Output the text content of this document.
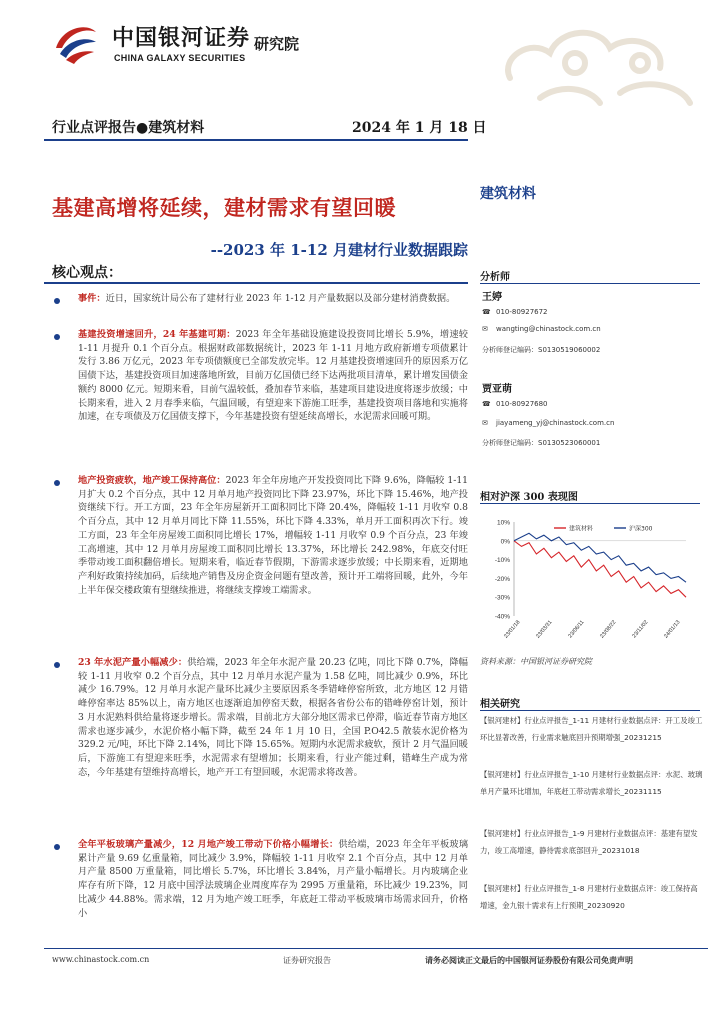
中国银河证券
CHINA GALAXY SECURITIES
研究院
行业点评报告●建筑材料	2024 年 1 月 18 日
基建高增将延续，建材需求有望回暖
--2023 年 1-12 月建材行业数据跟踪
核心观点：
事件：近日，国家统计局公布了建材行业 2023 年 1-12 月产量数据以及部分建材消费数据。
基建投资增速回升，24 年基建可期：2023 年全年基础设施建设投资同比增长 5.9%，增速较 1-11 月提升 0.1 个百分点。根据财政部数据统计，2023 年 1-11 月地方政府新增专项债累计发行 3.86 万亿元，2023 年专项债额度已全部发放完毕。12 月基建投资增速回升的原因系万亿国债下达，基建投资项目加速落地所致，目前万亿国债已经下达两批项目清单，累计增发国债金额约 8000 亿元。短期来看，目前气温较低，叠加春节来临，基建项目建设进度将逐步放缓；中长期来看，进入 2 月春季来临，气温回暖，有望迎来下游施工旺季，基建投资项目落地和实施将加速，在专项债及万亿国债支撑下，今年基建投资有望延续高增长，水泥需求回暖可期。
地产投资疲软，地产竣工保持高位：2023 年全年房地产开发投资同比下降 9.6%，降幅较 1-11 月扩大 0.2 个百分点，其中 12 月单月地产投资同比下降 23.97%，环比下降 15.46%，地产投资继续下行。开工方面，23 年全年房屋新开工面积同比下降 20.4%，降幅较 1-11 月收窄 0.8 个百分点，其中 12 月单月同比下降 11.55%，环比下降 4.33%，单月开工面积再次下行。竣工方面，23 年全年房屋竣工面积同比增长 17%，增幅较 1-11 月收窄 0.9 个百分点，23 年竣工高增速，其中 12 月单月房屋竣工面积同比增长 13.37%，环比增长 242.98%，年底交付旺季带动竣工面积翻倍增长。短期来看，临近春节假期，下游需求逐步放缓；中长期来看，近期地产利好政策持续加码，后续地产销售及房企资金问题有望改善，预计开工端将回暖，此外，今年上半年保交楼政策有望继续推进，将继续支撑竣工端需求。
23 年水泥产量小幅减少：供给端，2023 年全年水泥产量 20.23 亿吨，同比下降 0.7%，降幅较 1-11 月收窄 0.2 个百分点，其中 12 月单月水泥产量为 1.58 亿吨，同比减少 0.9%，环比减少 16.79%。12 月单月水泥产量环比减少主要原因系冬季错峰停窑所致，北方地区 12 月错峰停窑率达 85%以上，南方地区也逐渐追加停窑天数，根据各省份公布的错峰停窑计划，预计 3 月水泥熟料供给量将逐步增长。需求端，目前北方大部分地区需求已停滞，临近春节南方地区需求也逐步减少，水泥价格小幅下降，截至 24 年 1 月 10 日，全国 P.O42.5 散装水泥价格为 329.2 元/吨，环比下降 2.14%，同比下降 15.65%。短期内水泥需求疲软，预计 2 月气温回暖后，下游施工有望迎来旺季，水泥需求有望增加；长期来看，行业产能过剩，错峰生产成为常态，今年基建有望维持高增长，地产开工有望回暖，水泥需求将改善。
全年平板玻璃产量减少，12 月地产竣工带动下价格小幅增长：供给端，2023 年全年平板玻璃累计产量 9.69 亿重量箱，同比减少 3.9%，降幅较 1-11 月收窄 2.1 个百分点，其中 12 月单月产量 8500 万重量箱，同比增长 5.7%，环比增长 3.84%，月产量小幅增长。月内玻璃企业库存有所下降，12 月底中国浮法玻璃企业周度库存为 2995 万重量箱，环比减少 19.23%，同比减少 44.88%。需求端，12 月为地产竣工旺季，年底赶工带动平板玻璃市场需求回升，价格小
建筑材料
分析师
王婷
☎ 010-80927672
✉ wangting@chinastock.com.cn
分析师登记编码：S0130519060002
贾亚萌
☎ 010-80927680
✉ jiayameng_yj@chinastock.com.cn
分析师登记编码：S0130523060001
相对沪深 300 表现图
10%
0%
-10%
-20%
-30%
-40%
23/01/18 23/03/31	23/06/11 23/08/22	23/11/02 24/01/13
建筑材料	沪深300
资料来源：中国银河证券研究院
相关研究
【银河建材】行业点评报告_1-11 月建材行业数据点评：开工及竣工环比显著改善，行业需求触底回升预期增强_20231215
【银河建材】行业点评报告_1-10 月建材行业数据点评：水泥、玻璃单月产量环比增加，年底赶工带动需求增长_20231115
【银河建材】行业点评报告_1-9 月建材行业数据点评：基建有望发力，竣工高增速，静待需求底部回升_20231018
【银河建材】行业点评报告_1-8 月建材行业数据点评：竣工保持高增速，金九银十需求有上行预期_20230920
www.chinastock.com.cn	证券研究报告	请务必阅读正文最后的中国银河证券股份有限公司免责声明
